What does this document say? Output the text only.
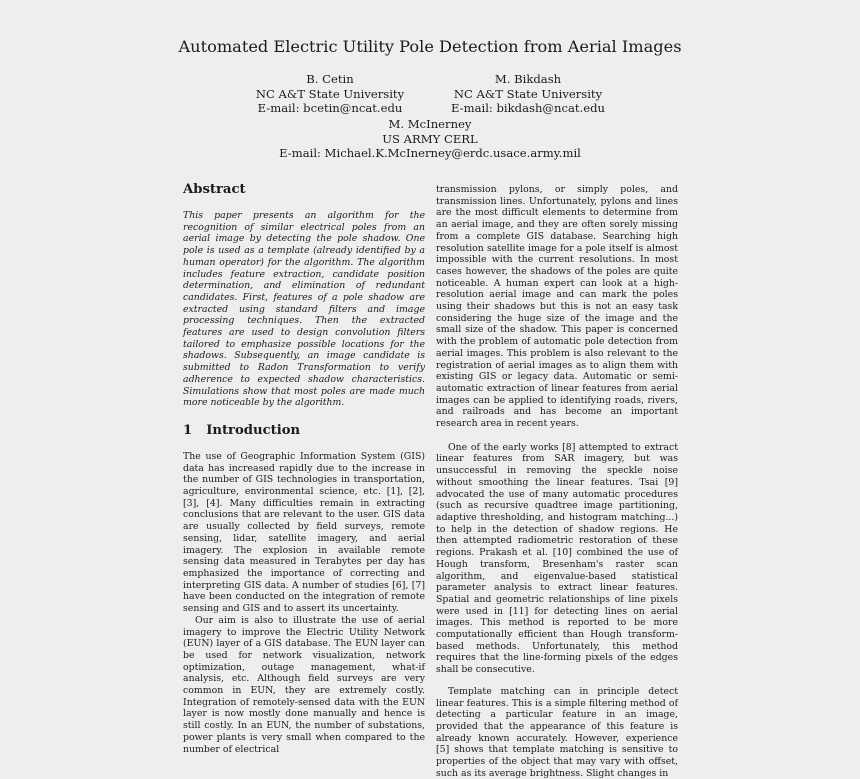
Automated Electric Utility Pole Detection from Aerial Images
B. Cetin
NC A&T State University
E-mail: bcetin@ncat.edu
M. Bikdash
NC A&T State University
E-mail: bikdash@ncat.edu
M. McInerney
US ARMY CERL
E-mail: Michael.K.McInerney@erdc.usace.army.mil
Abstract

This paper presents an algorithm for the recognition of similar electrical poles from an aerial image by detecting the pole shadow. One pole is used as a template (already identified by a human operator) for the algorithm. The algorithm includes feature extraction, candidate position determination, and elimination of redundant candidates. First, features of a pole shadow are extracted using standard filters and image processing techniques. Then the extracted features are used to design convolution filters tailored to emphasize possible locations for the shadows. Subsequently, an image candidate is submitted to Radon Transformation to verify adherence to expected shadow characteristics. Simulations show that most poles are made much more noticeable by the algorithm.

1 Introduction

The use of Geographic Information System (GIS) data has increased rapidly due to the increase in the number of GIS technologies in transportation, agriculture, environmental science, etc. [1], [2], [3], [4]. Many difficulties remain in extracting conclusions that are relevant to the user. GIS data are usually collected by field surveys, remote sensing, lidar, satellite imagery, and aerial imagery. The explosion in available remote sensing data measured in Terabytes per day has emphasized the importance of correcting and interpreting GIS data. A number of studies [6], [7] have been conducted on the integration of remote sensing and GIS and to assert its uncertainty.

Our aim is also to illustrate the use of aerial imagery to improve the Electric Utility Network (EUN) layer of a GIS database. The EUN layer can be used for network visualization, network optimization, outage management, what-if analysis, etc. Although field surveys are very common in EUN, they are extremely costly. Integration of remotely-sensed data with the EUN layer is now mostly done manually and hence is still costly. In an EUN, the number of substations, power plants is very small when compared to the number of electrical

transmission pylons, or simply poles, and transmission lines. Unfortunately, pylons and lines are the most difficult elements to determine from an aerial image, and they are often sorely missing from a complete GIS database. Searching high resolution satellite image for a pole itself is almost impossible with the current resolutions. In most cases however, the shadows of the poles are quite noticeable. A human expert can look at a high-resolution aerial image and can mark the poles using their shadows but this is not an easy task considering the huge size of the image and the small size of the shadow. This paper is concerned with the problem of automatic pole detection from aerial images. This problem is also relevant to the registration of aerial images as to align them with existing GIS or legacy data. Automatic or semi-automatic extraction of linear features from aerial images can be applied to identifying roads, rivers, and railroads and has become an important research area in recent years.

One of the early works [8] attempted to extract linear features from SAR imagery, but was unsuccessful in removing the speckle noise without smoothing the linear features. Tsai [9] advocated the use of many automatic procedures (such as recursive quadtree image partitioning, adaptive thresholding, and histogram matching...) to help in the detection of shadow regions. He then attempted radiometric restoration of these regions. Prakash et al. [10] combined the use of Hough transform, Bresenham's raster scan algorithm, and eigenvalue-based statistical parameter analysis to extract linear features. Spatial and geometric relationships of line pixels were used in [11] for detecting lines on aerial images. This method is reported to be more computationally efficient than Hough transform-based methods. Unfortunately, this method requires that the line-forming pixels of the edges shall be consecutive.

Template matching can in principle detect linear features. This is a simple filtering method of detecting a particular feature in an image, provided that the appearance of this feature is already known accurately. However, experience [5] shows that template matching is sensitive to properties of the object that may vary with offset, such as its average brightness. Slight changes in
